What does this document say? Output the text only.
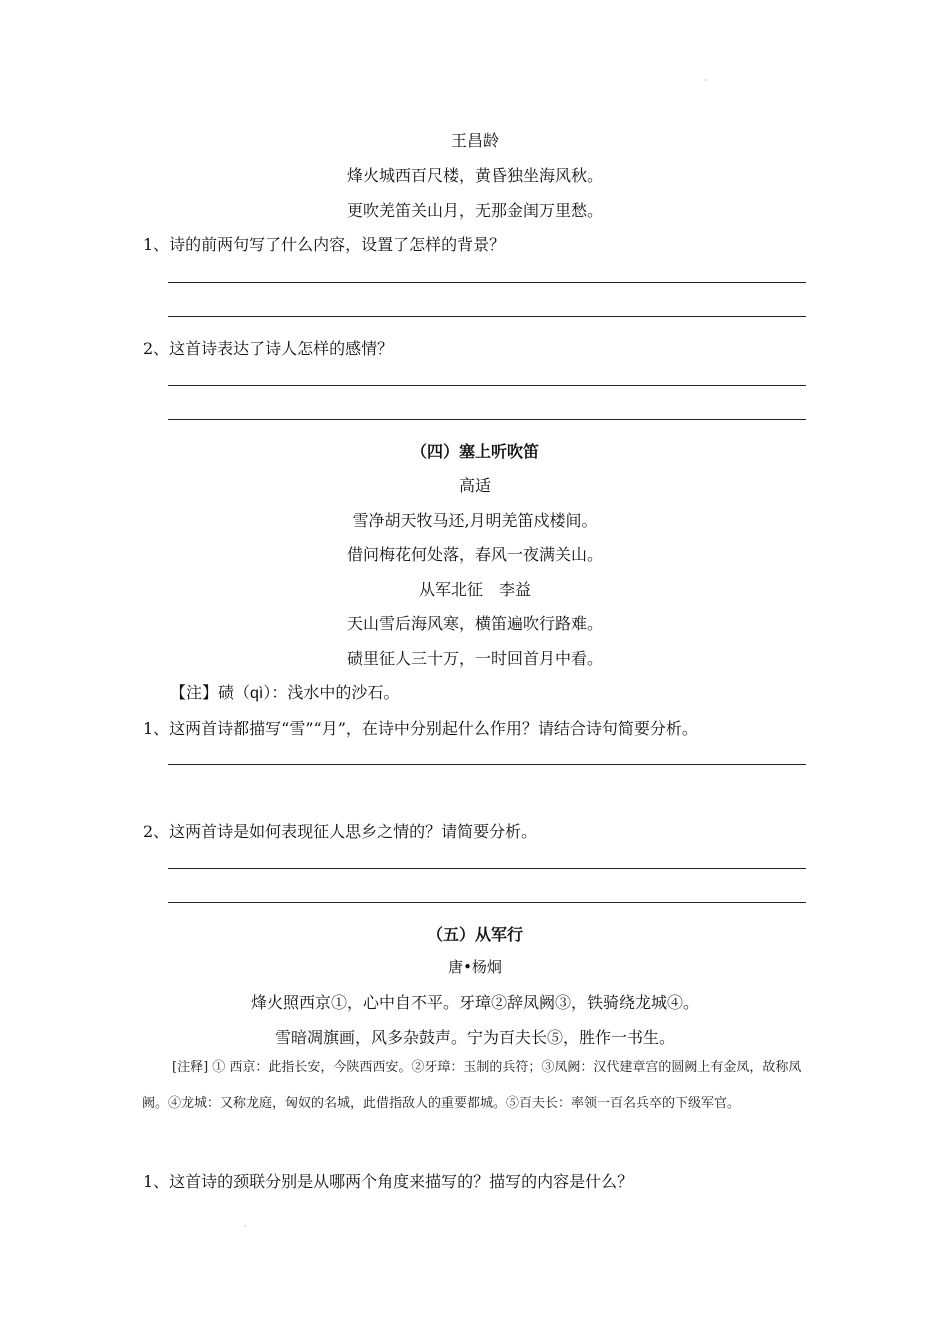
·
王昌龄
烽火城西百尺楼，黄昏独坐海风秋。
更吹羌笛关山月，无那金闺万里愁。
1、诗的前两句写了什么内容，设置了怎样的背景？
2、这首诗表达了诗人怎样的感情？
（四）塞上听吹笛
高适
雪净胡天牧马还,月明羌笛戍楼间。
借问梅花何处落，春风一夜满关山。
从军北征　李益
天山雪后海风寒，横笛遍吹行路难。
碛里征人三十万，一时回首月中看。
【注】碛（qì）：浅水中的沙石。
1、这两首诗都描写“雪”“月”，在诗中分别起什么作用？请结合诗句简要分析。
2、这两首诗是如何表现征人思乡之情的？请简要分析。
（五）从军行
唐•杨炯
烽火照西京①，心中自不平。牙璋②辞凤阙③，铁骑绕龙城④。
雪暗凋旗画，风多杂鼓声。宁为百夫长⑤，胜作一书生。
[注释] ① 西京：此指长安，今陕西西安。②牙璋：玉制的兵符；③凤阙：汉代建章宫的圆阙上有金凤，故称凤阙。④龙城：又称龙庭，匈奴的名城，此借指敌人的重要都城。⑤百夫长：率领一百名兵卒的下级军官。
1、这首诗的颈联分别是从哪两个角度来描写的？描写的内容是什么？
·
